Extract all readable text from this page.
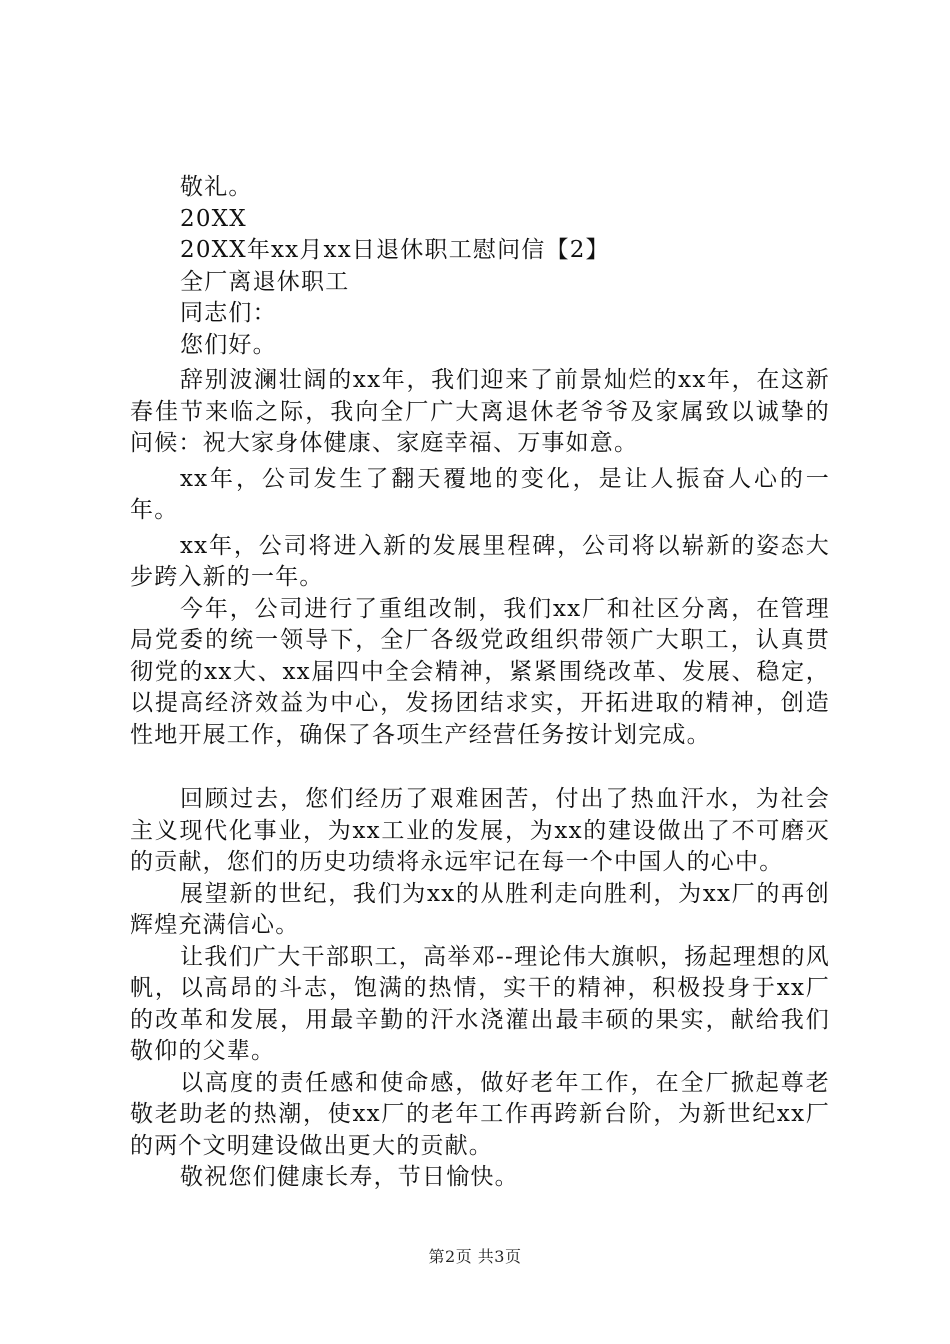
敬礼。

20XX

20XX年xx月xx日退休职工慰问信【2】

全厂离退休职工

同志们：

您们好。

辞别波澜壮阔的xx年，我们迎来了前景灿烂的xx年，在这新春佳节来临之际，我向全厂广大离退休老爷爷及家属致以诚挚的问候：祝大家身体健康、家庭幸福、万事如意。

xx年，公司发生了翻天覆地的变化，是让人振奋人心的一年。

xx年，公司将进入新的发展里程碑，公司将以崭新的姿态大步跨入新的一年。

今年，公司进行了重组改制，我们xx厂和社区分离，在管理局党委的统一领导下，全厂各级党政组织带领广大职工，认真贯彻党的xx大、xx届四中全会精神，紧紧围绕改革、发展、稳定，以提高经济效益为中心，发扬团结求实，开拓进取的精神，创造性地开展工作，确保了各项生产经营任务按计划完成。

回顾过去，您们经历了艰难困苦，付出了热血汗水，为社会主义现代化事业，为xx工业的发展，为xx的建设做出了不可磨灭的贡献，您们的历史功绩将永远牢记在每一个中国人的心中。

展望新的世纪，我们为xx的从胜利走向胜利，为xx厂的再创辉煌充满信心。

让我们广大干部职工，高举邓--理论伟大旗帜，扬起理想的风帆，以高昂的斗志，饱满的热情，实干的精神，积极投身于xx厂的改革和发展，用最辛勤的汗水浇灌出最丰硕的果实，献给我们敬仰的父辈。

以高度的责任感和使命感，做好老年工作，在全厂掀起尊老敬老助老的热潮，使xx厂的老年工作再跨新台阶，为新世纪xx厂的两个文明建设做出更大的贡献。

敬祝您们健康长寿，节日愉快。

第2页 共3页
